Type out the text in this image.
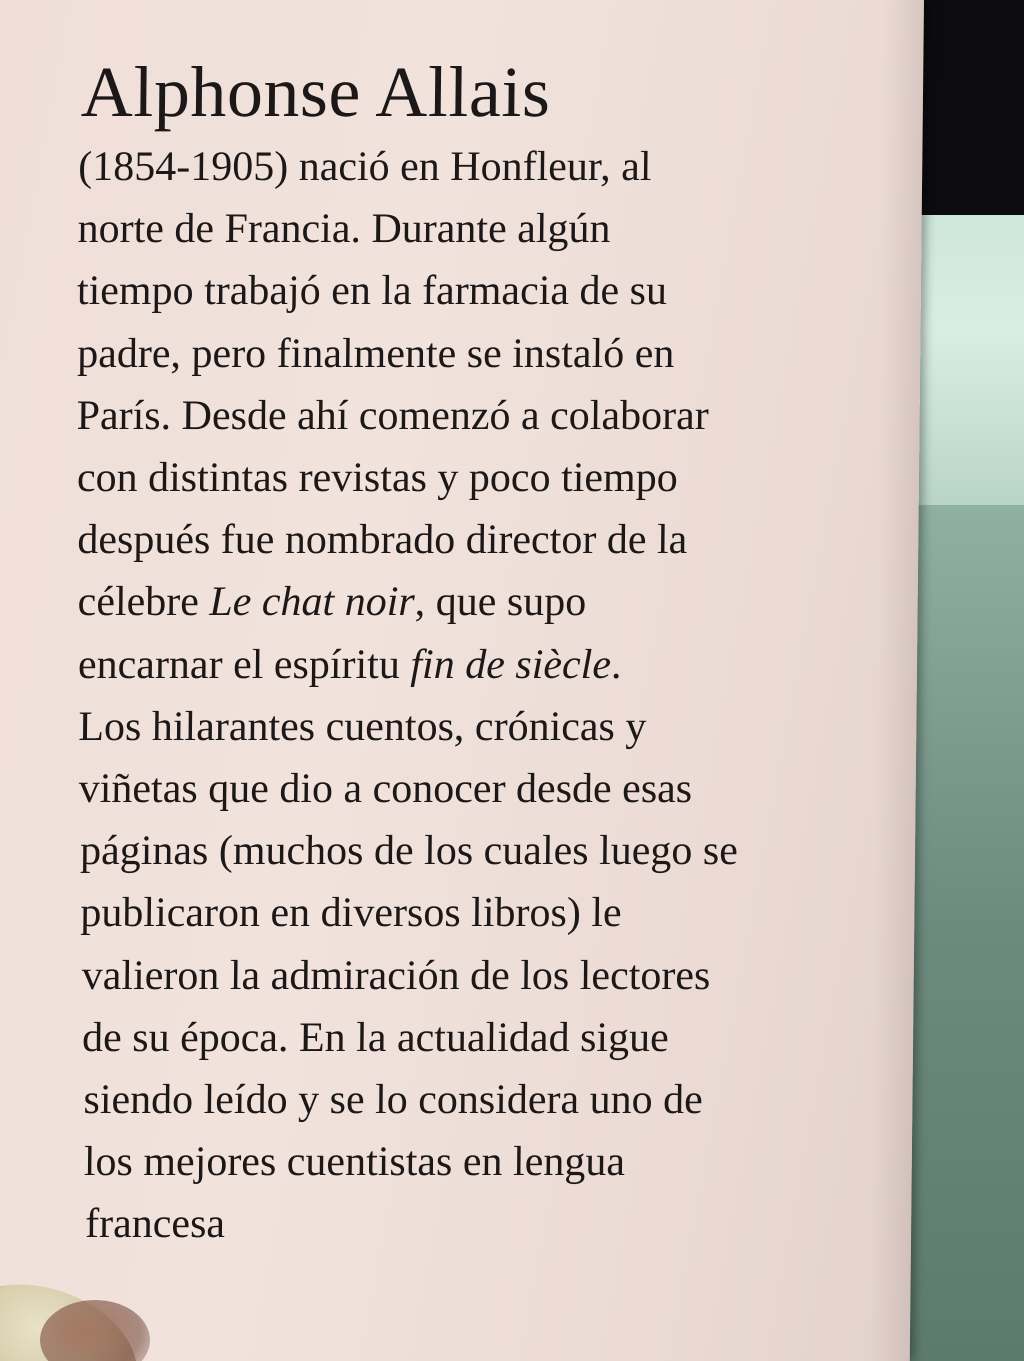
Alphonse Allais
(1854-1905) nació en Honfleur, al
norte de Francia. Durante algún
tiempo trabajó en la farmacia de su
padre, pero finalmente se instaló en
París. Desde ahí comenzó a colaborar
con distintas revistas y poco tiempo
después fue nombrado director de la
célebre Le chat noir, que supo
encarnar el espíritu fin de siècle.
Los hilarantes cuentos, crónicas y
viñetas que dio a conocer desde esas
páginas (muchos de los cuales luego se
publicaron en diversos libros) le
valieron la admiración de los lectores
de su época. En la actualidad sigue
siendo leído y se lo considera uno de
los mejores cuentistas en lengua
francesa
